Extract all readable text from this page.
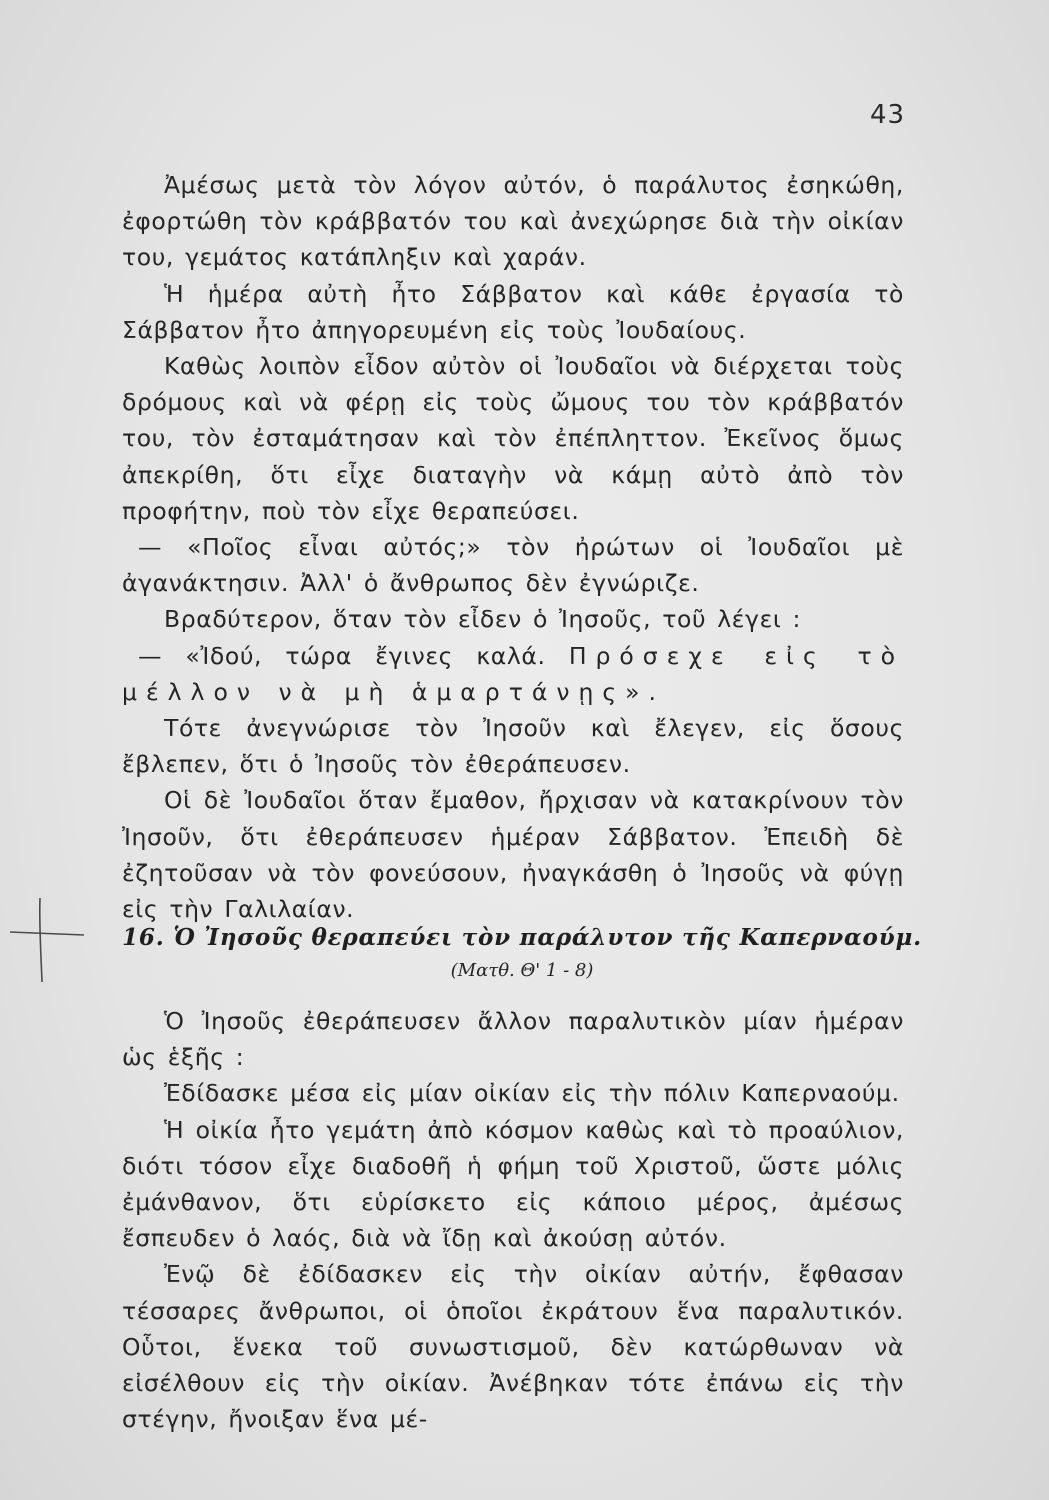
43

Ἀμέσως μετὰ τὸν λόγον αὐτόν, ὁ παράλυτος ἐσηκώθη, ἐφορτώθη τὸν κράββατόν του καὶ ἀνεχώρησε διὰ τὴν οἰκίαν του, γεμάτος κατάπληξιν καὶ χαράν.

Ἡ ἡμέρα αὐτὴ ἦτο Σάββατον καὶ κάθε ἐργασία τὸ Σάββατον ἦτο ἀπηγορευμένη εἰς τοὺς Ἰουδαίους.

Καθὼς λοιπὸν εἶδον αὐτὸν οἱ Ἰουδαῖοι νὰ διέρχεται τοὺς δρόμους καὶ νὰ φέρῃ εἰς τοὺς ὤμους του τὸν κράββατόν του, τὸν ἐσταμάτησαν καὶ τὸν ἐπέπληττον. Ἐκεῖνος ὅμως ἀπεκρίθη, ὅτι εἶχε διαταγὴν νὰ κάμῃ αὐτὸ ἀπὸ τὸν προφήτην, ποὺ τὸν εἶχε θεραπεύσει.

— «Ποῖος εἶναι αὐτός;» τὸν ἠρώτων οἱ Ἰουδαῖοι μὲ ἀγανάκτησιν. Ἀλλ' ὁ ἄνθρωπος δὲν ἐγνώριζε.

Βραδύτερον, ὅταν τὸν εἶδεν ὁ Ἰησοῦς, τοῦ λέγει :

— «Ἰδού, τώρα ἔγινες καλά. Πρόσεχε εἰς τὸ μέλλον νὰ μὴ ἁμαρτάνῃς».

Τότε ἀνεγνώρισε τὸν Ἰησοῦν καὶ ἔλεγεν, εἰς ὅσους ἔβλεπεν, ὅτι ὁ Ἰησοῦς τὸν ἐθεράπευσεν.

Οἱ δὲ Ἰουδαῖοι ὅταν ἔμαθον, ἤρχισαν νὰ κατακρίνουν τὸν Ἰησοῦν, ὅτι ἐθεράπευσεν ἡμέραν Σάββατον. Ἐπειδὴ δὲ ἐζητοῦσαν νὰ τὸν φονεύσουν, ἠναγκάσθη ὁ Ἰησοῦς νὰ φύγῃ εἰς τὴν Γαλιλαίαν.

16. Ὁ Ἰησοῦς θεραπεύει τὸν παράλυτον τῆς Καπερναούμ.
(Ματθ. Θ' 1 - 8)

Ὁ Ἰησοῦς ἐθεράπευσεν ἄλλον παραλυτικὸν μίαν ἡμέραν ὡς ἑξῆς :

Ἐδίδασκε μέσα εἰς μίαν οἰκίαν εἰς τὴν πόλιν Καπερναούμ.

Ἡ οἰκία ἦτο γεμάτη ἀπὸ κόσμον καθὼς καὶ τὸ προαύλιον, διότι τόσον εἶχε διαδοθῆ ἡ φήμη τοῦ Χριστοῦ, ὥστε μόλις ἐμάνθανον, ὅτι εὑρίσκετο εἰς κάποιο μέρος, ἀμέσως ἔσπευδεν ὁ λαός, διὰ νὰ ἴδῃ καὶ ἀκούσῃ αὐτόν.

Ἐνῷ δὲ ἐδίδασκεν εἰς τὴν οἰκίαν αὐτήν, ἔφθασαν τέσσαρες ἄνθρωποι, οἱ ὁποῖοι ἐκράτουν ἕνα παραλυτικόν. Οὗτοι, ἕνεκα τοῦ συνωστισμοῦ, δὲν κατώρθωναν νὰ εἰσέλθουν εἰς τὴν οἰκίαν. Ἀνέβηκαν τότε ἐπάνω εἰς τὴν στέγην, ἤνοιξαν ἕνα μέ-
